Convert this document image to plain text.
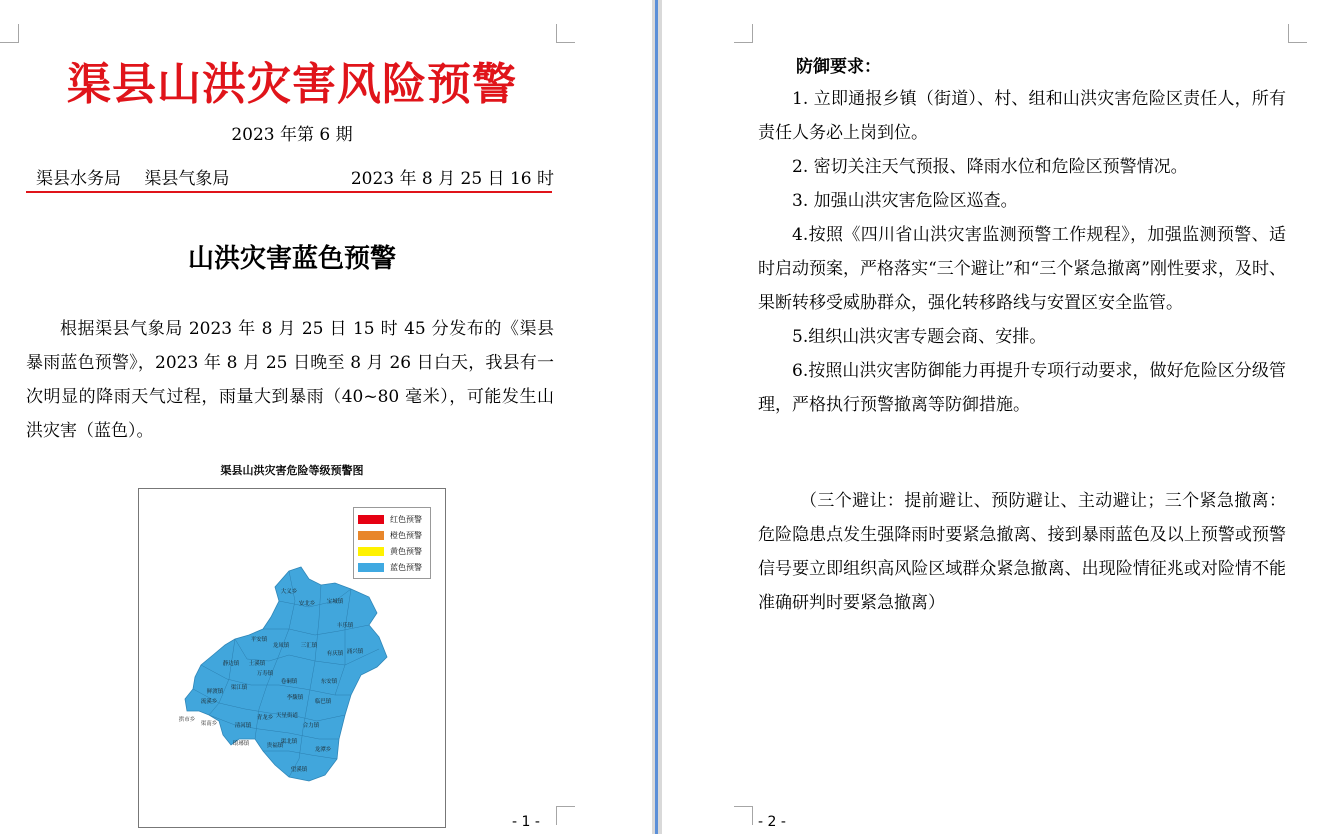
渠县山洪灾害风险预警
2023 年第 6 期
渠县水务局 渠县气象局	2023 年 8 月 25 日 16 时
山洪灾害蓝色预警
根据渠县气象局 2023 年 8 月 25 日 15 时 45 分发布的《渠县暴雨蓝色预警》，2023 年 8 月 25 日晚至 8 月 26 日白天，我县有一次明显的降雨天气过程，雨量大到暴雨（40~80 毫米），可能发生山洪灾害（蓝色）。
渠县山洪灾害危险等级预警图
大义乡
安北乡 宝城镇
丰乐镇
平安镇
龙凤镇 三汇镇
有庆镇 涌兴镇
土溪镇
静边镇
万寿镇
东安镇
卷硐镇
渠江镇
李馥镇
鲜渡镇
流溪乡	临巴镇
拱市乡
渠南乡	清河镇
天星街道
青龙乡
合力镇
琅琊镇	渠北镇
贵福镇
龙潭乡
望溪镇
红色预警
橙色预警
黄色预警
蓝色预警
- 1 -
防御要求：

1. 立即通报乡镇（街道）、村、组和山洪灾害危险区责任人，所有责任人务必上岗到位。

2. 密切关注天气预报、降雨水位和危险区预警情况。

3. 加强山洪灾害危险区巡查。

4.按照《四川省山洪灾害监测预警工作规程》，加强监测预警、适时启动预案，严格落实“三个避让”和“三个紧急撤离”刚性要求，及时、果断转移受威胁群众，强化转移路线与安置区安全监管。

5.组织山洪灾害专题会商、安排。

6.按照山洪灾害防御能力再提升专项行动要求，做好危险区分级管理，严格执行预警撤离等防御措施。

（三个避让：提前避让、预防避让、主动避让；三个紧急撤离：危险隐患点发生强降雨时要紧急撤离、接到暴雨蓝色及以上预警或预警信号要立即组织高风险区域群众紧急撤离、出现险情征兆或对险情不能准确研判时要紧急撤离）
- 2 -
